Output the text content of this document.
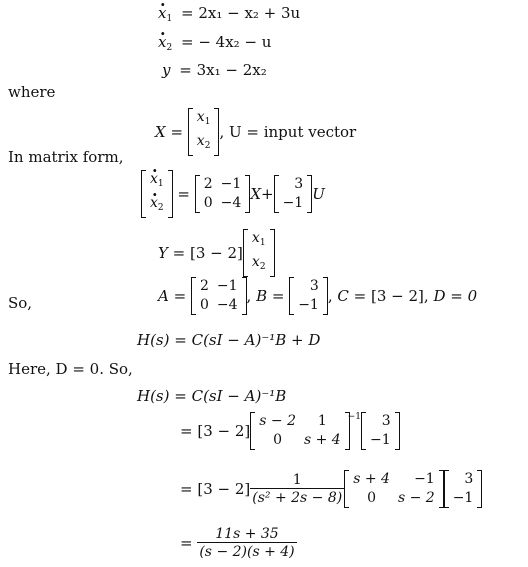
· $x_1 = 2x_1 - x_2 + 3u$
· $x_2$ = − 4x₂ − u
y = 3x₁ − 2x₂
where
X =
$x_1$
$x_2$
, U = input vector
In matrix form,
· $x_1$
· $x_2$
=
2	−1
0	−4
X+
3
−1
U
Y = [3 − 2]
$x_1$
$x_2$
So,	A =
2	−1
0	−4
, B =
3
−1
, C = [3 − 2] , D = 0
H(s) = C(sI − A)⁻¹B + D
Here, D = 0. So,
H(s) = C(sI − A)⁻¹B
= [3 − 2]
s − 2	1
0	s + 4
−1 3
−1
= $[3 - 2] \frac{1}{\text{(s² + 2s − 8)}}$ s + 4	−1
0	s − 2
3
−1
= $\frac{11s + 35}{(s - 2)(s + 4)}$
